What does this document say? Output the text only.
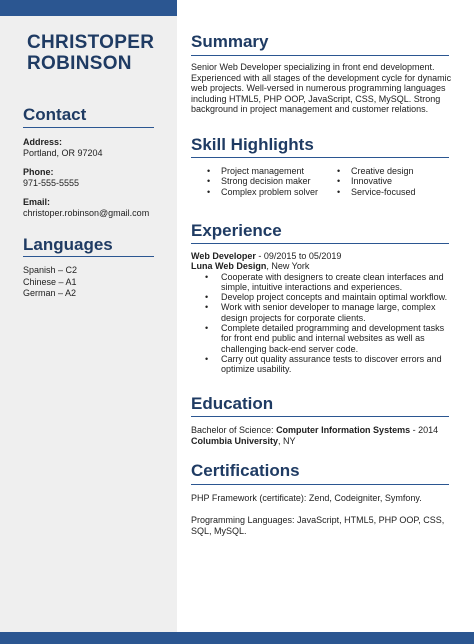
CHRISTOPER
ROBINSON
Contact
Address:
Portland, OR 97204
Phone:
971-555-5555
Email:
christoper.robinson@gmail.com
Languages
Spanish – C2
Chinese – A1
German – A2
Summary

Senior Web Developer specializing in front end development. Experienced with all stages of the development cycle for dynamic web projects. Well-versed in numerous programming languages including HTML5, PHP OOP, JavaScript, CSS, MySQL. Strong background in project management and customer relations.

Skill Highlights
• Project management
• Strong decision maker
• Complex problem solver
• Creative design
• Innovative
• Service-focused
Experience
Web Developer - 09/2015 to 05/2019
Luna Web Design, New York
• Cooperate with designers to create clean interfaces and simple, intuitive interactions and experiences.
• Develop project concepts and maintain optimal workflow.
• Work with senior developer to manage large, complex design projects for corporate clients.
• Complete detailed programming and development tasks for front end public and internal websites as well as challenging back-end server code.
• Carry out quality assurance tests to discover errors and optimize usability.
Education
Bachelor of Science: Computer Information Systems - 2014
Columbia University, NY
Certifications

PHP Framework (certificate): Zend, Codeigniter, Symfony.

Programming Languages: JavaScript, HTML5, PHP OOP, CSS, SQL, MySQL.
